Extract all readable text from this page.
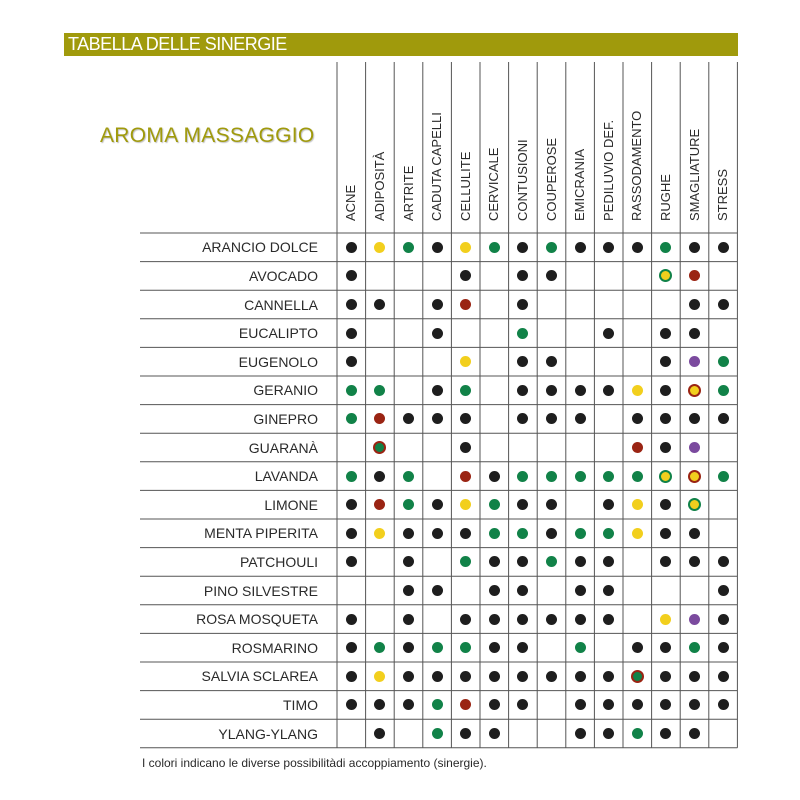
TABELLA DELLE SINERGIE
AROMA MASSAGGIO
ACNE ADIPOSITÀ ARTRITE CADUTA CAPELLI CELLULITE CERVICALE CONTUSIONI COUPEROSE EMICRANIA PEDILUVIO DEF. RASSODAMENTO RUGHE SMAGLIATURE STRESS
ARANCIO DOLCE
AVOCADO
CANNELLA
EUCALIPTO
EUGENOLO
GERANIO
GINEPRO
GUARANÀ
LAVANDA
LIMONE
MENTA PIPERITA
PATCHOULI
PINO SILVESTRE
ROSA MOSQUETA
ROSMARINO
SALVIA SCLAREA
TIMO
YLANG-YLANG
I colori indicano le diverse possibilitàdi accoppiamento (sinergie).
